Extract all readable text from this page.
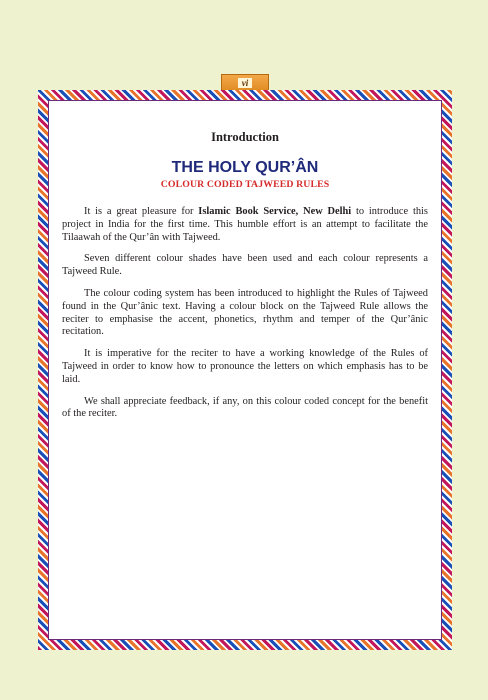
vi
Introduction
THE HOLY QUR’ÂN
COLOUR CODED TAJWEED RULES

It is a great pleasure for Islamic Book Service, New Delhi to introduce this project in India for the first time. This humble effort is an attempt to facilitate the Tilaawah of the Qur’ân with Tajweed.

Seven different colour shades have been used and each colour represents a Tajweed Rule.

The colour coding system has been introduced to highlight the Rules of Tajweed found in the Qur’ânic text. Having a colour block on the Tajweed Rule allows the reciter to emphasise the accent, phonetics, rhythm and temper of the Qur’ânic recitation.

It is imperative for the reciter to have a working knowledge of the Rules of Tajweed in order to know how to pronounce the letters on which emphasis has to be laid.

We shall appreciate feedback, if any, on this colour coded concept for the benefit of the reciter.
